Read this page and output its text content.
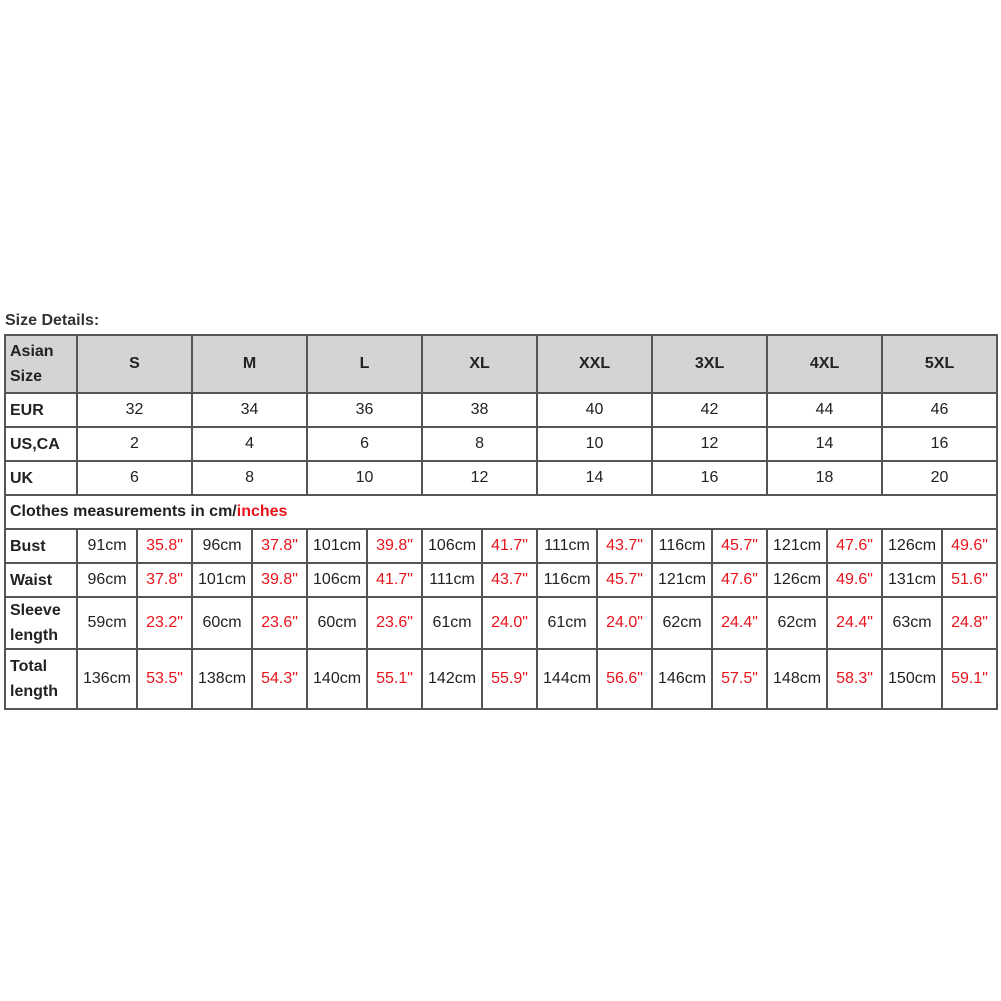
Size Details:
Asian Size	S		M		L		XL		XXL		3XL		4XL		5XL	
EUR	32		34		36		38		40		42		44		46	
US,CA	2		4		6		8		10		12		14		16	
UK	6		8		10		12		14		16		18		20	
Clothes measurements in cm/inches																
Bust	91cm	35.8"	96cm	37.8"	101cm	39.8"	106cm	41.7"	111cm	43.7"	116cm	45.7"	121cm	47.6"	126cm	49.6"
Waist	96cm	37.8"	101cm	39.8"	106cm	41.7"	111cm	43.7"	116cm	45.7"	121cm	47.6"	126cm	49.6"	131cm	51.6"
Sleeve length	59cm	23.2"	60cm	23.6"	60cm	23.6"	61cm	24.0"	61cm	24.0"	62cm	24.4"	62cm	24.4"	63cm	24.8"
Total length	136cm	53.5"	138cm	54.3"	140cm	55.1"	142cm	55.9"	144cm	56.6"	146cm	57.5"	148cm	58.3"	150cm	59.1"
